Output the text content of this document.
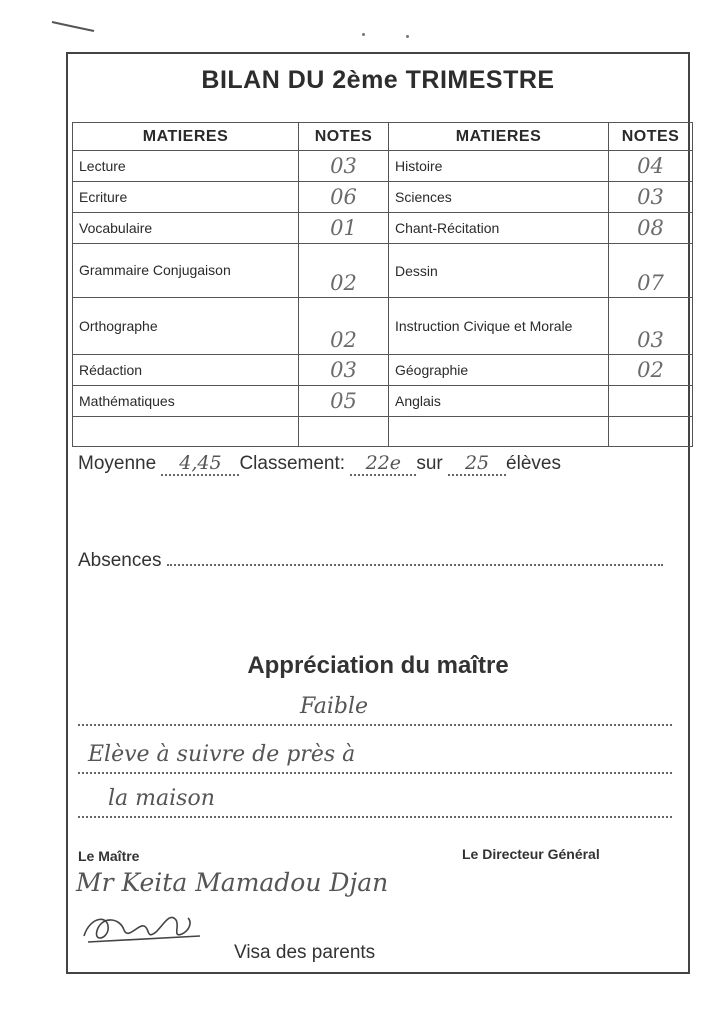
BILAN DU 2ème TRIMESTRE
MATIERES	NOTES	MATIERES	NOTES
Lecture	03	Histoire	04
Ecriture	06	Sciences	03
Vocabulaire	01	Chant-Récitation	08
Grammaire Conjugaison	02	Dessin	07
Orthographe	02	Instruction Civique et Morale	03
Rédaction	03	Géographie	02
Mathématiques	05	Anglais	

Moyenne 4,45 Classement: 22e sur 25 élèves
Absences
Appréciation du maître
Faible
Elève à suivre de près à
la maison
Le Maître	Le Directeur Général
Mr Keita Mamadou Djan
Visa des parents
